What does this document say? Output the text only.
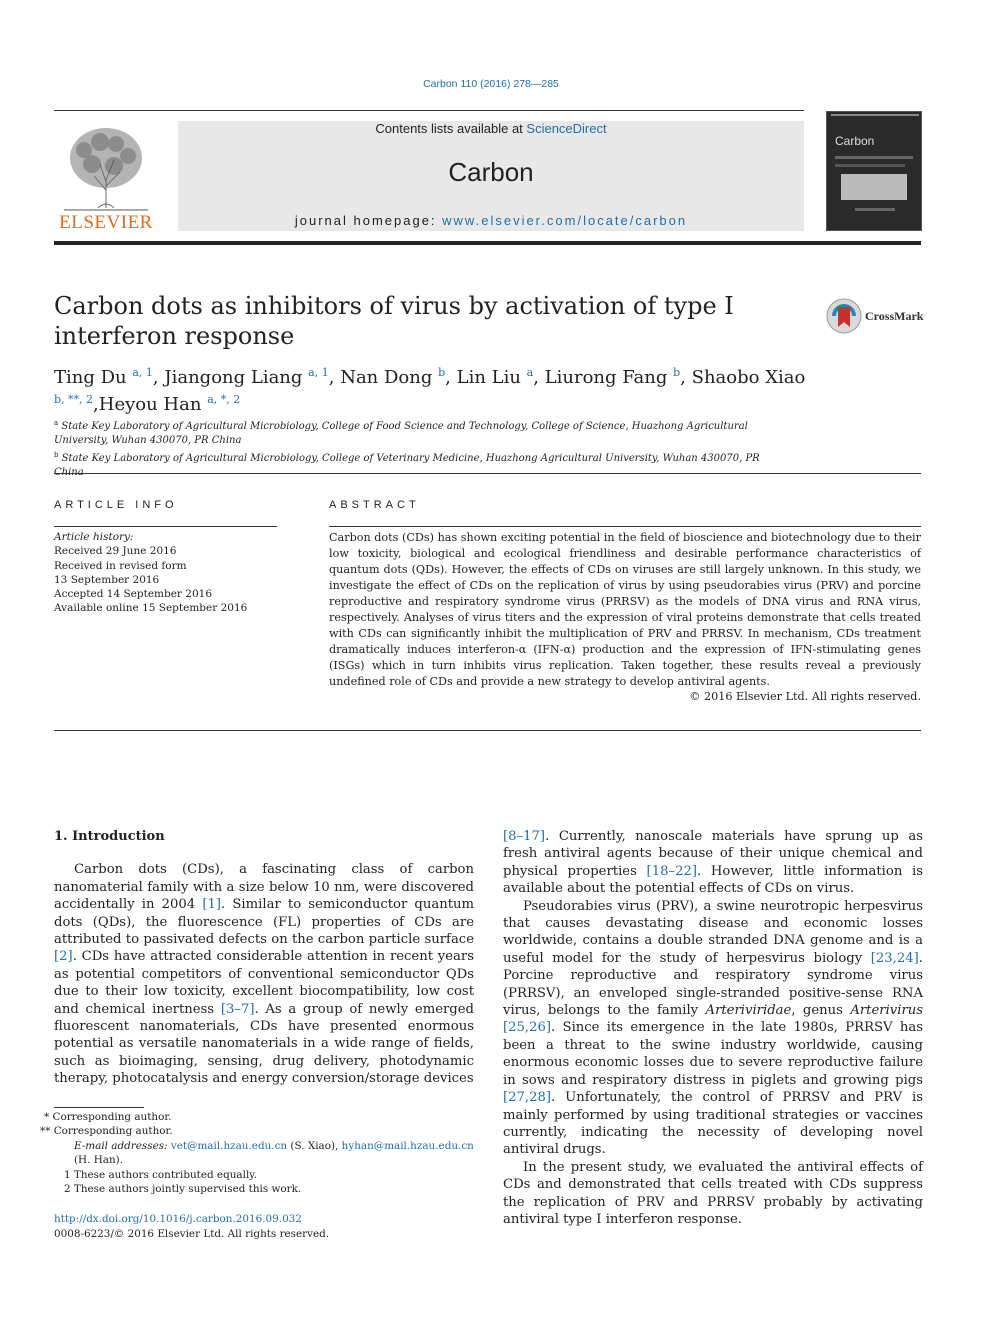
Carbon 110 (2016) 278—285
ELSEVIER
Contents lists available at ScienceDirect
Carbon
journal homepage: www.elsevier.com/locate/carbon
Carbon
Carbon dots as inhibitors of virus by activation of type I interferon response
CrossMark
Ting Du $^{a, 1}$, Jiangong Liang $^{a, 1}$, Nan Dong $^b$, Lin Liu $^a$, Liurong Fang $^b$, Shaobo Xiao $^{b, **, 2}$,Heyou Han $^{a, *, 2}$
$^a$ State Key Laboratory of Agricultural Microbiology, College of Food Science and Technology, College of Science, Huazhong Agricultural University, Wuhan 430070, PR China
$^b$ State Key Laboratory of Agricultural Microbiology, College of Veterinary Medicine, Huazhong Agricultural University, Wuhan 430070, PR
ARTICLE INFO	ABSTRACT
Article history:
Received 29 June 2016
Received in revised form
13 September 2016
Accepted 14 September 2016
Available online 15 September 2016
Carbon dots (CDs) has shown exciting potential in the field of bioscience and biotechnology due to their low toxicity, biological and ecological friendliness and desirable performance characteristics of quantum dots (QDs). However, the effects of CDs on viruses are still largely unknown. In this study, we investigate the effect of CDs on the replication of virus by using pseudorabies virus (PRV) and porcine reproductive and respiratory syndrome virus (PRRSV) as the models of DNA virus and RNA virus, respectively. Analyses of virus titers and the expression of viral proteins demonstrate that cells treated with CDs can significantly inhibit the multiplication of PRV and PRRSV. In mechanism, CDs treatment dramatically induces interferon-α (IFN-α) production and the expression of IFN-stimulating genes (ISGs) which in turn inhibits virus replication. Taken together, these results reveal a previously undefined role of CDs and provide a new strategy to develop antiviral agents.
© 2016 Elsevier Ltd. All rights reserved.
1. Introduction

Carbon dots (CDs), a fascinating class of carbon nanomaterial family with a size below 10 nm, were discovered accidentally in 2004 [1]. Similar to semiconductor quantum dots (QDs), the fluorescence (FL) properties of CDs are attributed to passivated defects on the carbon particle surface [2]. CDs have attracted considerable attention in recent years as potential competitors of conventional semiconductor QDs due to their low toxicity, excellent biocompatibility, low cost and chemical inertness [3–7]. As a group of newly emerged fluorescent nanomaterials, CDs have presented enormous potential as versatile nanomaterials in a wide range of fields, such as bioimaging, sensing, drug delivery, photodynamic therapy, photocatalysis and energy conversion/storage devices

[8–17]. Currently, nanoscale materials have sprung up as fresh antiviral agents because of their unique chemical and physical properties [18–22]. However, little information is available about the potential effects of CDs on virus.

Pseudorabies virus (PRV), a swine neurotropic herpesvirus that causes devastating disease and economic losses worldwide, contains a double stranded DNA genome and is a useful model for the study of herpesvirus biology [23,24]. Porcine reproductive and respiratory syndrome virus (PRRSV), an enveloped single-stranded positive-sense RNA virus, belongs to the family Arteriviridae, genus Arterivirus [25,26]. Since its emergence in the late 1980s, PRRSV has been a threat to the swine industry worldwide, causing enormous economic losses due to severe reproductive failure in sows and respiratory distress in piglets and growing pigs [27,28]. Unfortunately, the control of PRRSV and PRV is mainly performed by using traditional strategies or vaccines currently, indicating the necessity of developing novel antiviral drugs.

In the present study, we evaluated the antiviral effects of CDs and demonstrated that cells treated with CDs suppress the replication of PRV and PRRSV probably by activating antiviral type I interferon response.

* Corresponding author.
** Corresponding author.
E-mail addresses: vet@mail.hzau.edu.cn (S. Xiao), hyhan@mail.hzau.edu.cn (H. Han).
1 These authors contributed equally.
2 These authors jointly supervised this work.
http://dx.doi.org/10.1016/j.carbon.2016.09.032
0008-6223/© 2016 Elsevier Ltd. All rights reserved.
